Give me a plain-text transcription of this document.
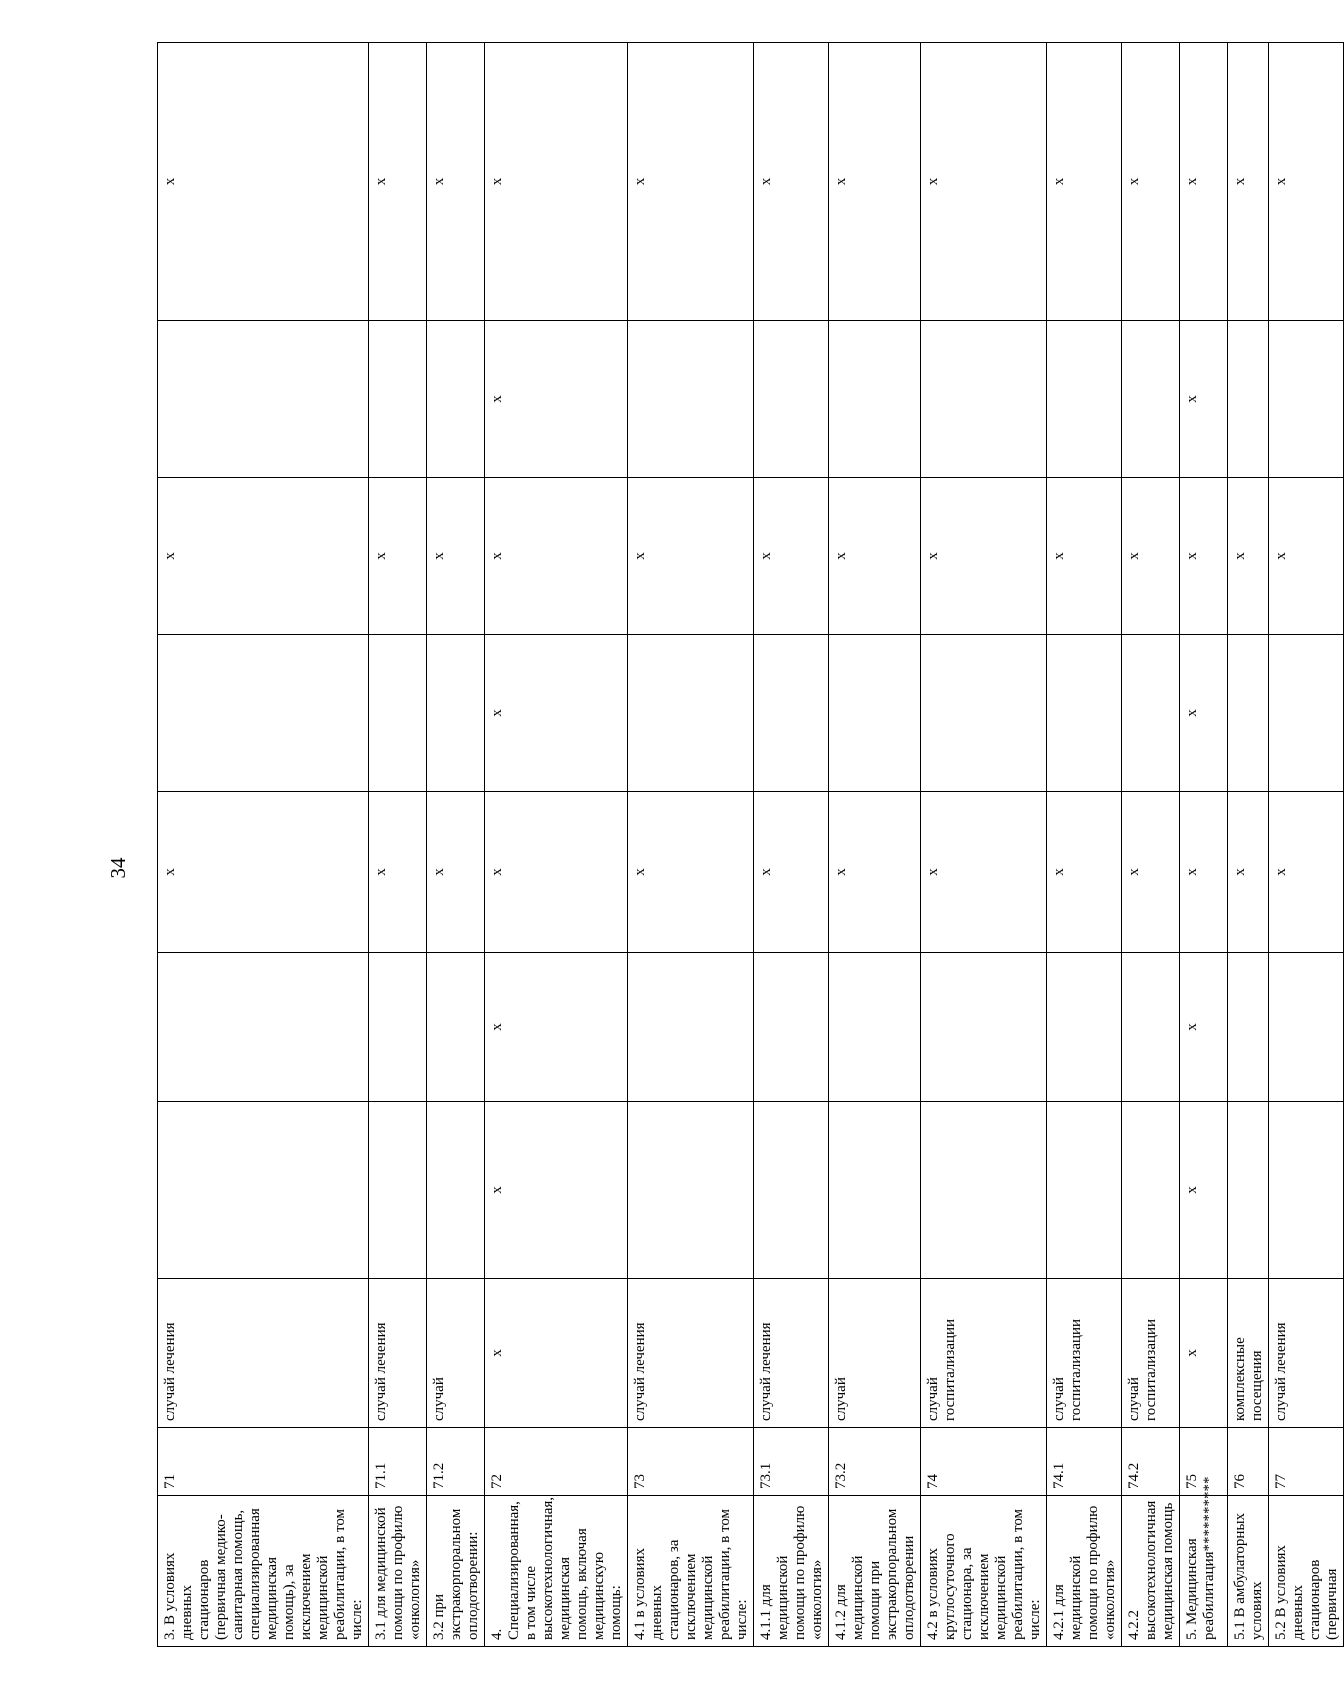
34
3. В условиях дневных стационаров (первичная медико-санитарная помощь, специализированная медицинская помощь), за исключением медицинской реабилитации, в том числе:	71	случай лечения			x		x		x
3.1 для медицинской помощи по профилю «онкология»	71.1	случай лечения			x		x		x
3.2 при экстракорпоральном оплодотворении:	71.2	случай			x		x		x
4. Специализированная, в том числе высокотехнологичная, медицинская помощь, включая медицинскую помощь:	72	x	x	x	x	x	x	x	x
4.1 в условиях дневных стационаров, за исключением медицинской реабилитации, в том числе:	73	случай лечения			x		x		x
4.1.1 для медицинской помощи по профилю «онкология»	73.1	случай лечения			x		x		x
4.1.2 для медицинской помощи при экстракорпоральном оплодотворении	73.2	случай			x		x		x
4.2 в условиях круглосуточного стационара, за исключением медицинской реабилитации, в том числе:	74	случай госпитализации			x		x		x
4.2.1 для медицинской помощи по профилю «онкология»	74.1	случай госпитализации			x		x		x
4.2.2 высокотехнологичная медицинская помощь	74.2	случай госпитализации			x		x		x
5. Медицинская реабилитация**********	75	x	x	x	x	x	x	x	x
5.1 В амбулаторных условиях	76	комплексные посещения			x		x		x
5.2 В условиях дневных стационаров (первичная	77	случай лечения			x		x		x
